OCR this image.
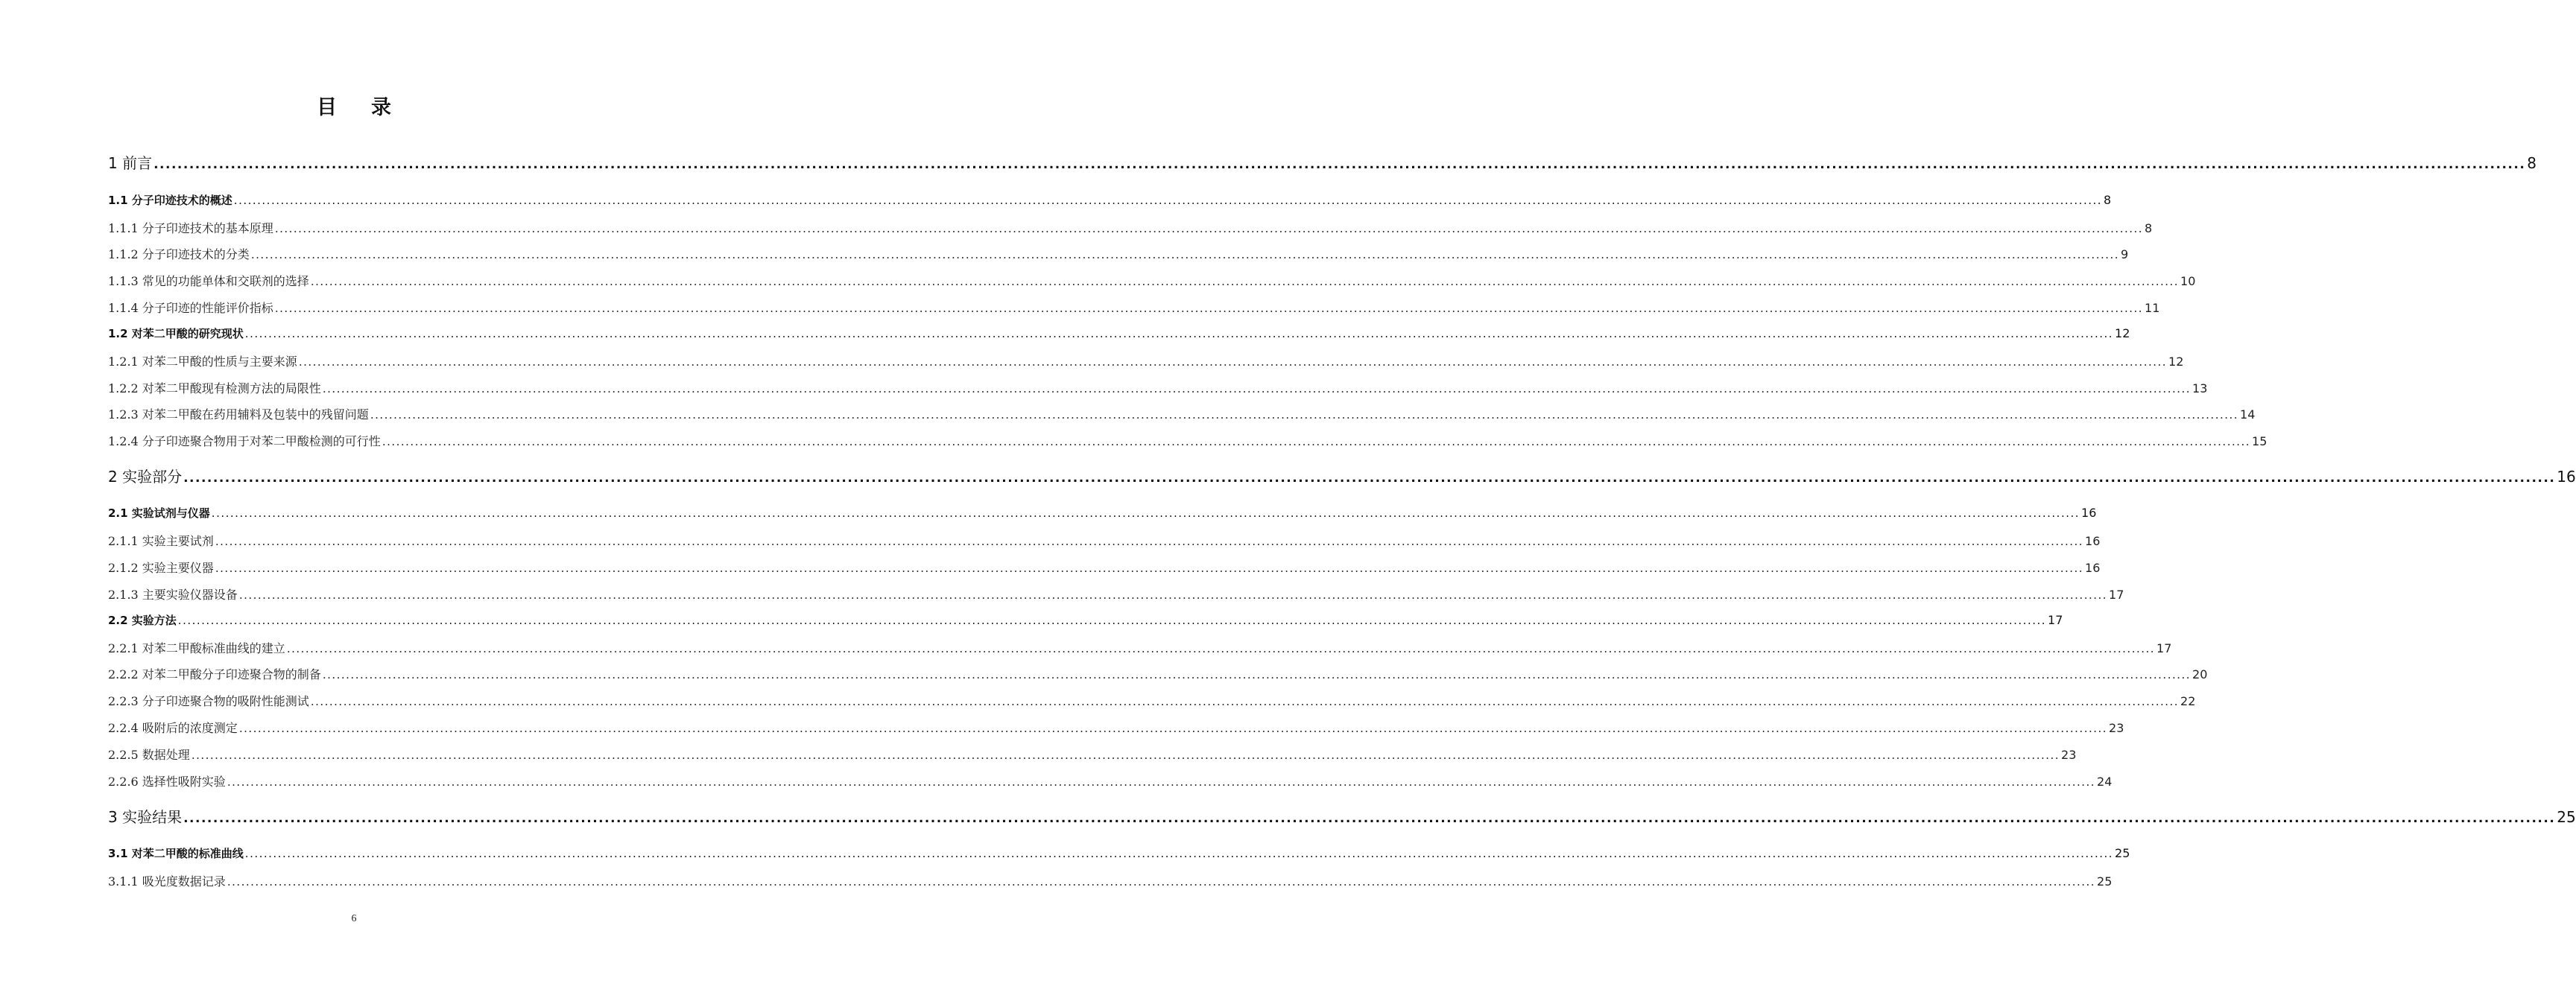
目录
1 前言 ................................................................................................................................................................................................................................................................................................................................................................................................................ 8
1.1 分子印迹技术的概述 ................................................................................................................................................................................................................................................................................................................................................................................................................ 8
1.1.1 分子印迹技术的基本原理 ................................................................................................................................................................................................................................................................................................................................................................................................................ 8
1.1.2 分子印迹技术的分类 ................................................................................................................................................................................................................................................................................................................................................................................................................ 9
1.1.3 常见的功能单体和交联剂的选择 ................................................................................................................................................................................................................................................................................................................................................................................................................ 10
1.1.4 分子印迹的性能评价指标 ................................................................................................................................................................................................................................................................................................................................................................................................................ 11
1.2 对苯二甲酸的研究现状 ................................................................................................................................................................................................................................................................................................................................................................................................................ 12
1.2.1 对苯二甲酸的性质与主要来源 ................................................................................................................................................................................................................................................................................................................................................................................................................ 12
1.2.2 对苯二甲酸现有检测方法的局限性 ................................................................................................................................................................................................................................................................................................................................................................................................................ 13
1.2.3 对苯二甲酸在药用辅料及包装中的残留问题 ................................................................................................................................................................................................................................................................................................................................................................................................................ 14
1.2.4 分子印迹聚合物用于对苯二甲酸检测的可行性 ................................................................................................................................................................................................................................................................................................................................................................................................................ 15
2 实验部分 ................................................................................................................................................................................................................................................................................................................................................................................................................ 16
2.1 实验试剂与仪器 ................................................................................................................................................................................................................................................................................................................................................................................................................ 16
2.1.1 实验主要试剂 ................................................................................................................................................................................................................................................................................................................................................................................................................ 16
2.1.2 实验主要仪器 ................................................................................................................................................................................................................................................................................................................................................................................................................ 16
2.1.3 主要实验仪器设备 ................................................................................................................................................................................................................................................................................................................................................................................................................ 17
2.2 实验方法 ................................................................................................................................................................................................................................................................................................................................................................................................................ 17
2.2.1 对苯二甲酸标准曲线的建立 ................................................................................................................................................................................................................................................................................................................................................................................................................ 17
2.2.2 对苯二甲酸分子印迹聚合物的制备 ................................................................................................................................................................................................................................................................................................................................................................................................................ 20
2.2.3 分子印迹聚合物的吸附性能测试 ................................................................................................................................................................................................................................................................................................................................................................................................................ 22
2.2.4 吸附后的浓度测定 ................................................................................................................................................................................................................................................................................................................................................................................................................ 23
2.2.5 数据处理 ................................................................................................................................................................................................................................................................................................................................................................................................................ 23
2.2.6 选择性吸附实验 ................................................................................................................................................................................................................................................................................................................................................................................................................ 24
3 实验结果 ................................................................................................................................................................................................................................................................................................................................................................................................................ 25
3.1 对苯二甲酸的标准曲线 ................................................................................................................................................................................................................................................................................................................................................................................................................ 25
3.1.1 吸光度数据记录 ................................................................................................................................................................................................................................................................................................................................................................................................................ 25
6
